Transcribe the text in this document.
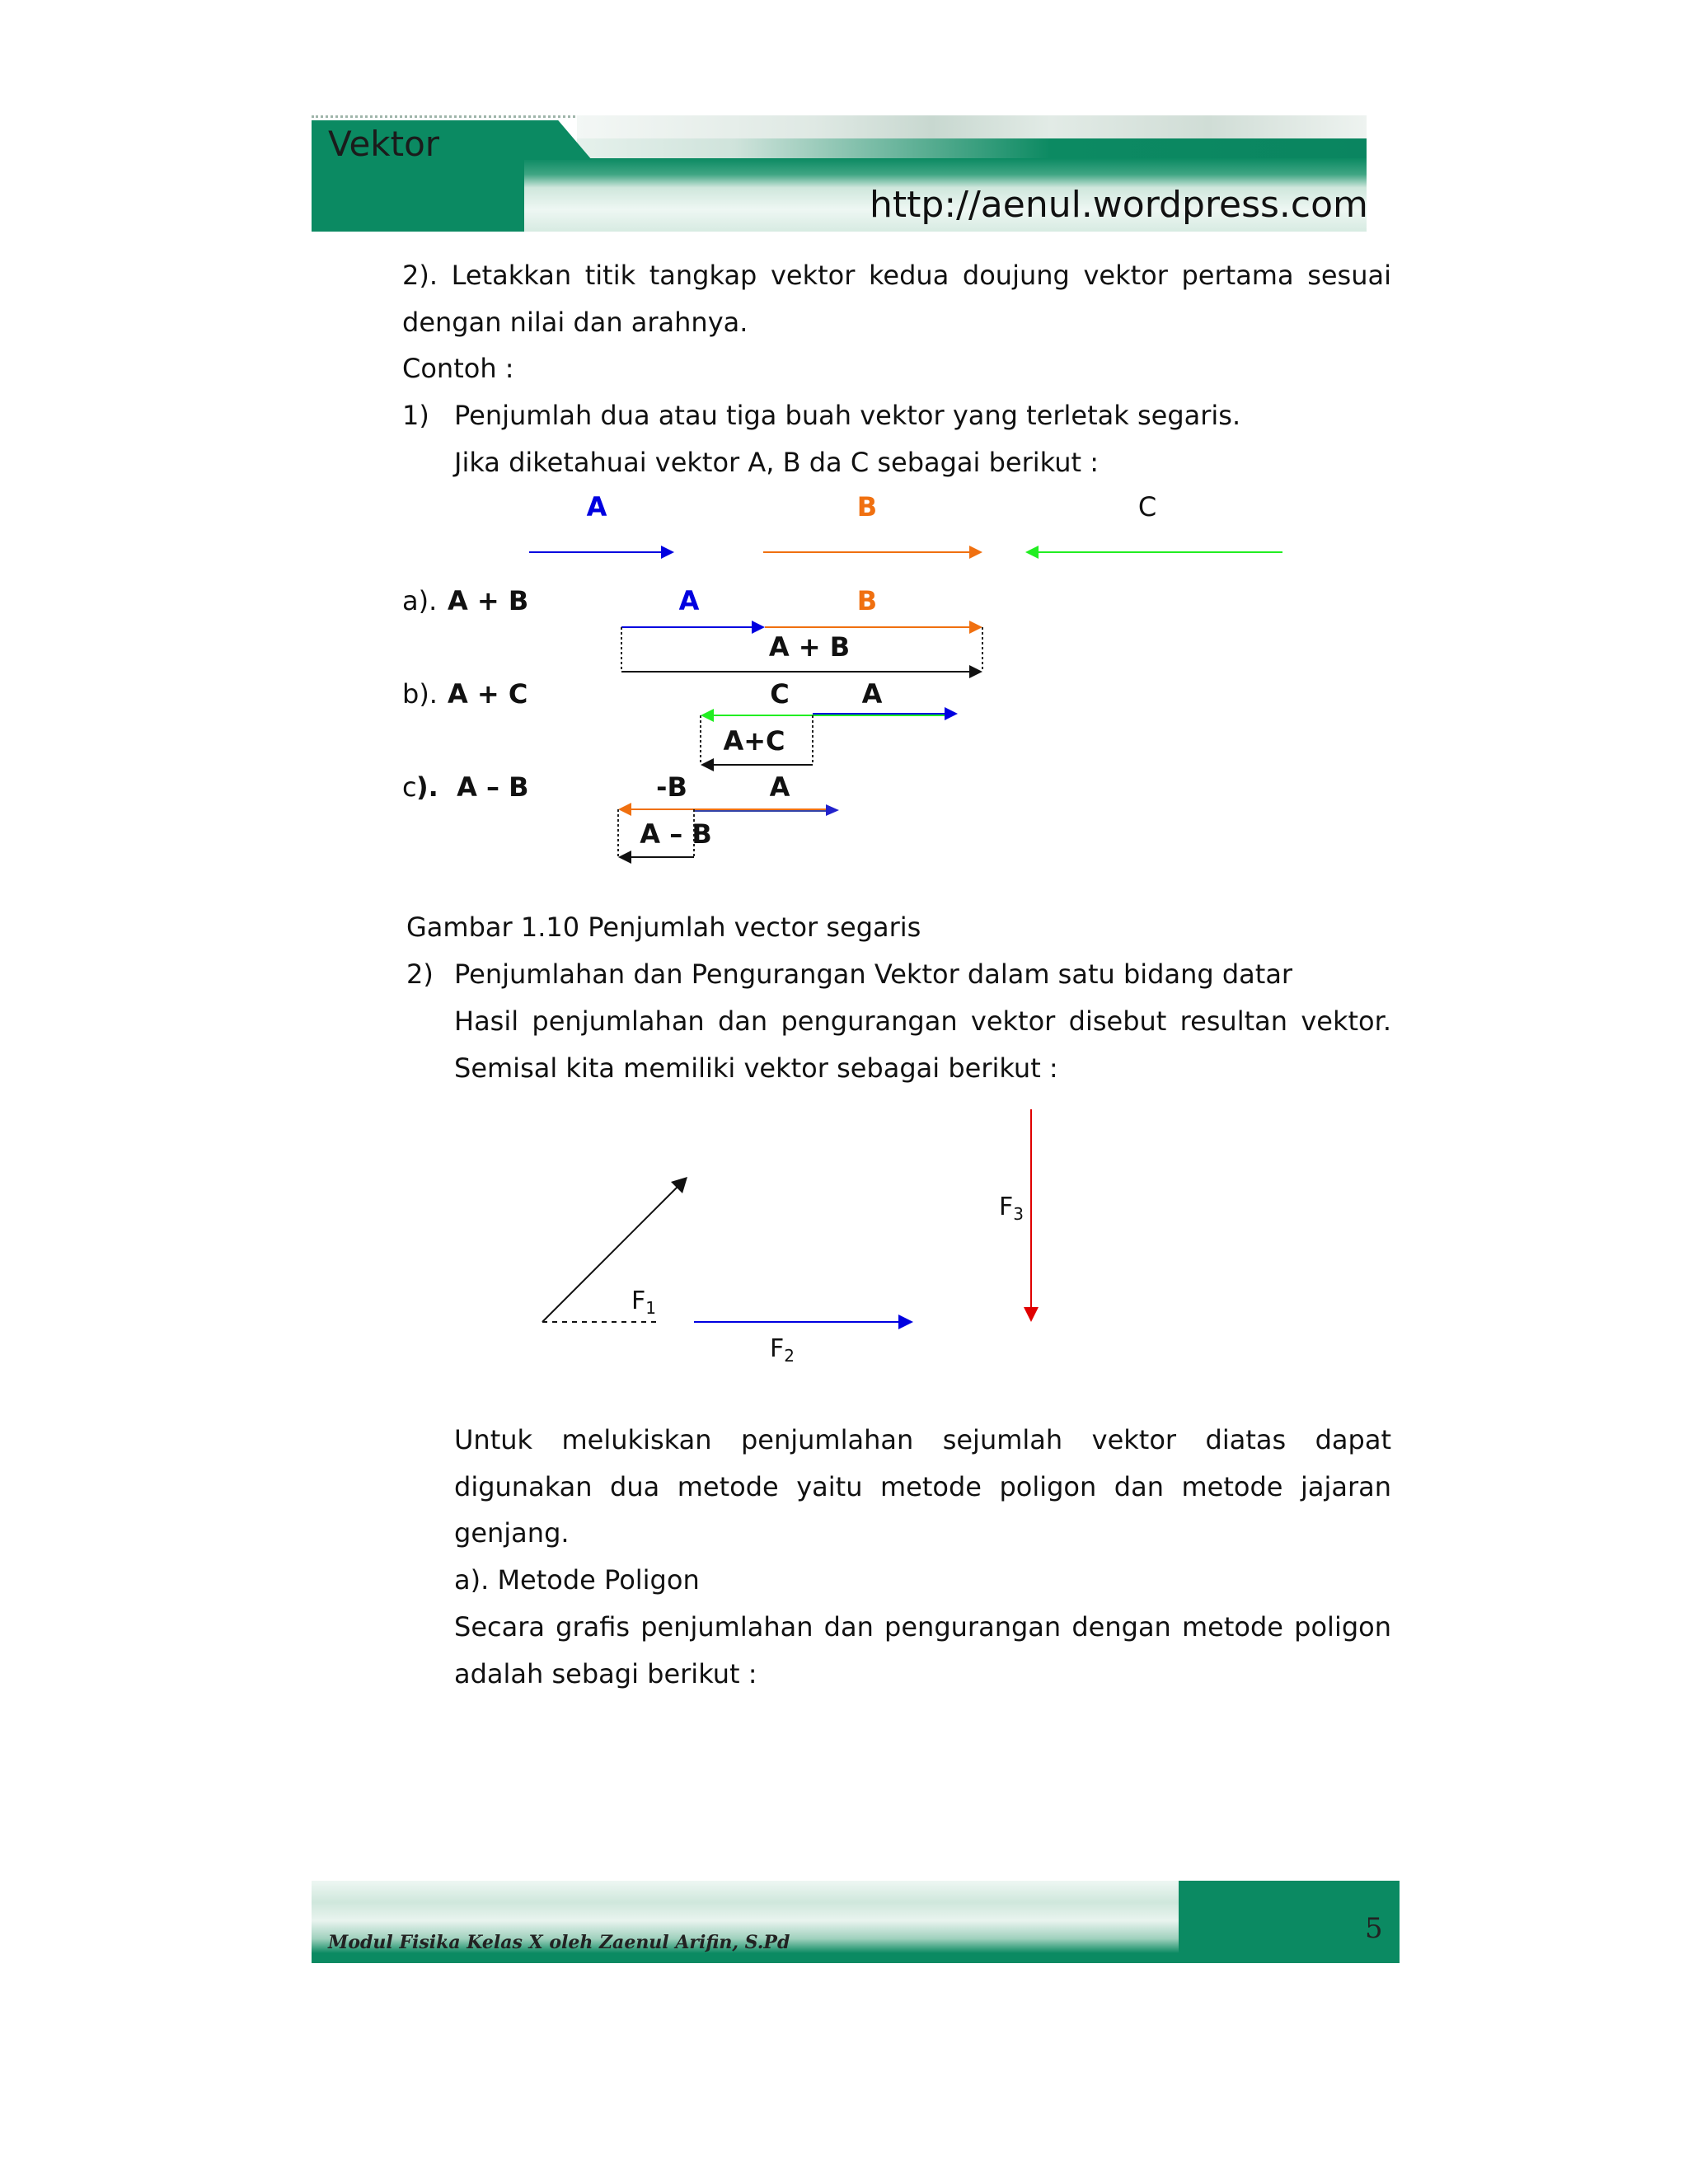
Vektor
http://aenul.wordpress.com
2). Letakkan titik tangkap vektor kedua doujung vektor pertama sesuai
dengan nilai dan arahnya.
Contoh :
1) Penjumlah dua atau tiga buah vektor yang terletak segaris.
Jika diketahuai vektor A, B da C sebagai berikut :
A	B	C
a). A + B	A	B
A + B
b). A + C	C	A
A+C
c ).  A – B	-B	A
A – B
Gambar 1.10 Penjumlah vector segaris
2) Penjumlahan dan Pengurangan Vektor dalam satu bidang datar
Hasil penjumlahan dan pengurangan vektor disebut resultan vektor.
Semisal kita memiliki vektor sebagai berikut :
$F_1$
$F_2$
$F_3$
Untuk melukiskan penjumlahan sejumlah vektor diatas dapat
digunakan dua metode yaitu metode poligon dan metode jajaran
genjang.
a). Metode Poligon
Secara grafis penjumlahan dan pengurangan dengan metode poligon
adalah sebagi berikut :
Modul Fisika Kelas X oleh Zaenul Arifin, S.Pd	5
